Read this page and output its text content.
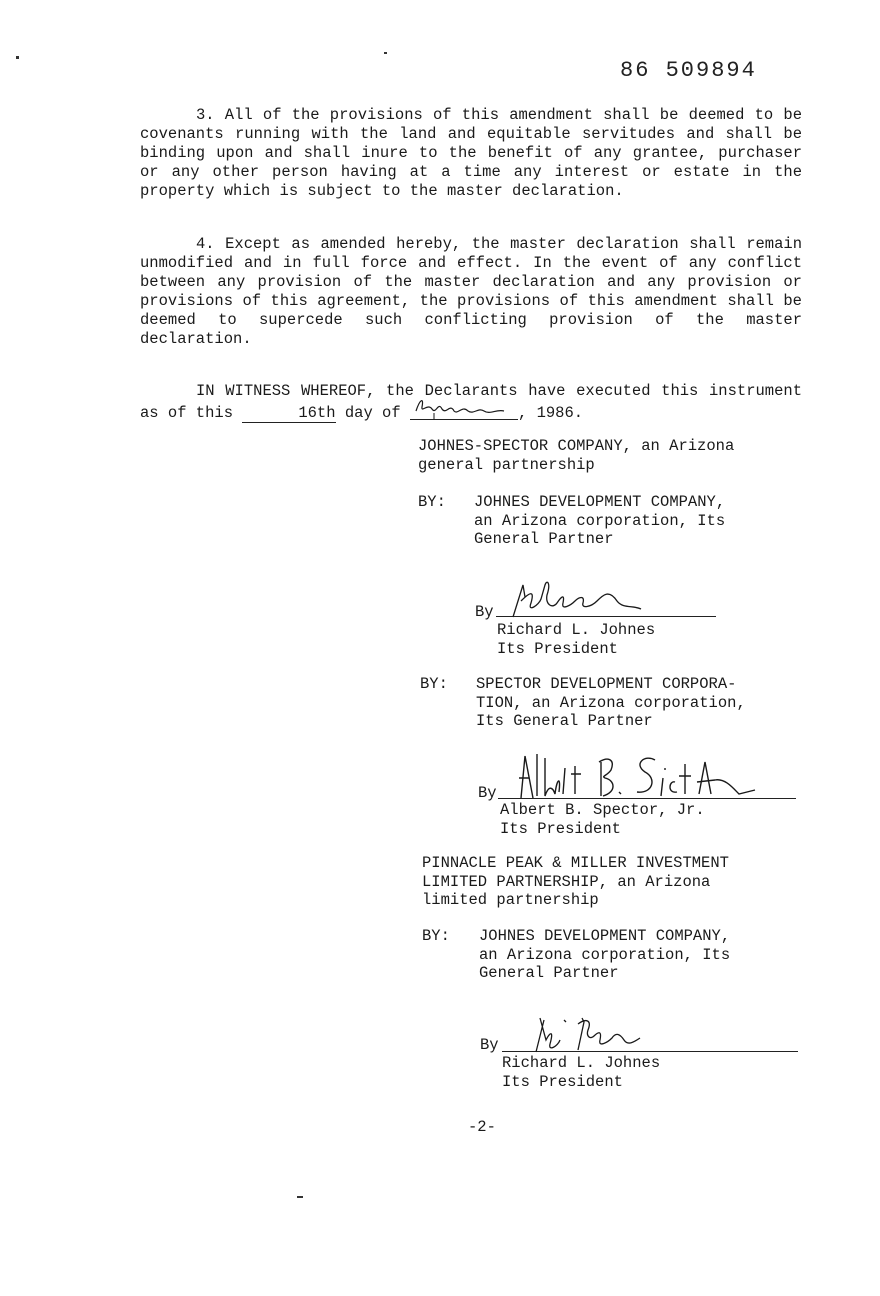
86 509894

3. All of the provisions of this amendment shall be deemed to be covenants running with the land and equitable servitudes and shall be binding upon and shall inure to the benefit of any grantee, purchaser or any other person having at a time any interest or estate in the property which is subject to the master declaration.

4. Except as amended hereby, the master declaration shall remain unmodified and in full force and effect. In the event of any conflict between any provision of the master declaration and any provision or provisions of this agreement, the provisions of this amendment shall be deemed to supercede such conflicting provision of the master declaration.

IN WITNESS WHEREOF, the Declarants have executed this instrument as of this	16th day of	, 1986.

JOHNES-SPECTOR COMPANY, an Arizona
general partnership
BY: JOHNES DEVELOPMENT COMPANY,
an Arizona corporation, Its
General Partner
By
Richard L. Johnes
Its President
BY: SPECTOR DEVELOPMENT CORPORA-
TION, an Arizona corporation,
Its General Partner
By
Albert B. Spector, Jr.
Its President
PINNACLE PEAK & MILLER INVESTMENT
LIMITED PARTNERSHIP, an Arizona
limited partnership
BY: JOHNES DEVELOPMENT COMPANY,
an Arizona corporation, Its
General Partner
By
Richard L. Johnes
Its President
-2-
